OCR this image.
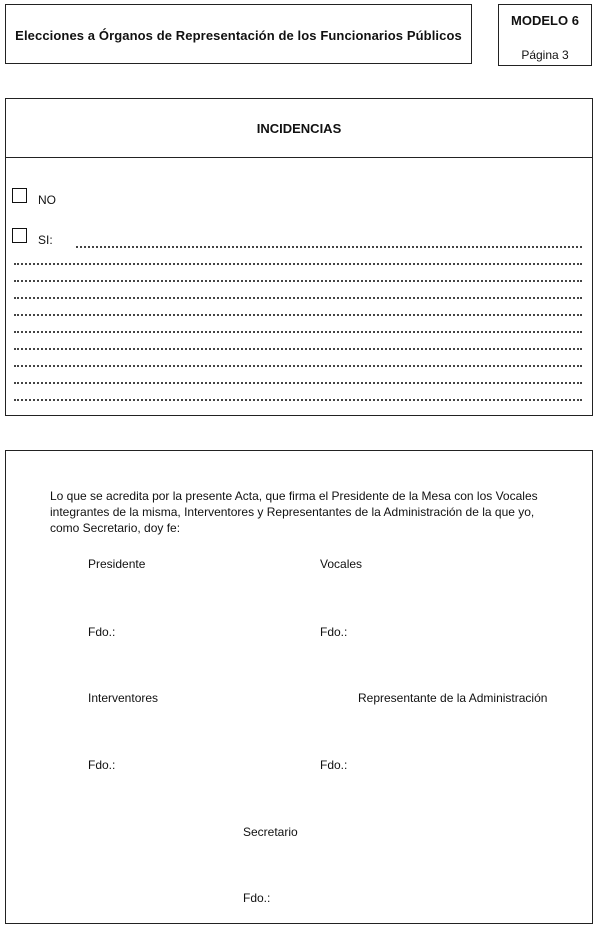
Elecciones a Órganos de Representación de los Funcionarios Públicos
MODELO 6
Página 3
INCIDENCIAS
NO
SI:
Lo que se acredita por la presente Acta, que firma el Presidente de la Mesa con los Vocales integrantes de la misma, Interventores y Representantes de la Administración de la que yo, como Secretario, doy fe:
Presidente	Vocales
Fdo.:	Fdo.:
Interventores	Representante de la Administración
Fdo.:	Fdo.:
Secretario
Fdo.:
